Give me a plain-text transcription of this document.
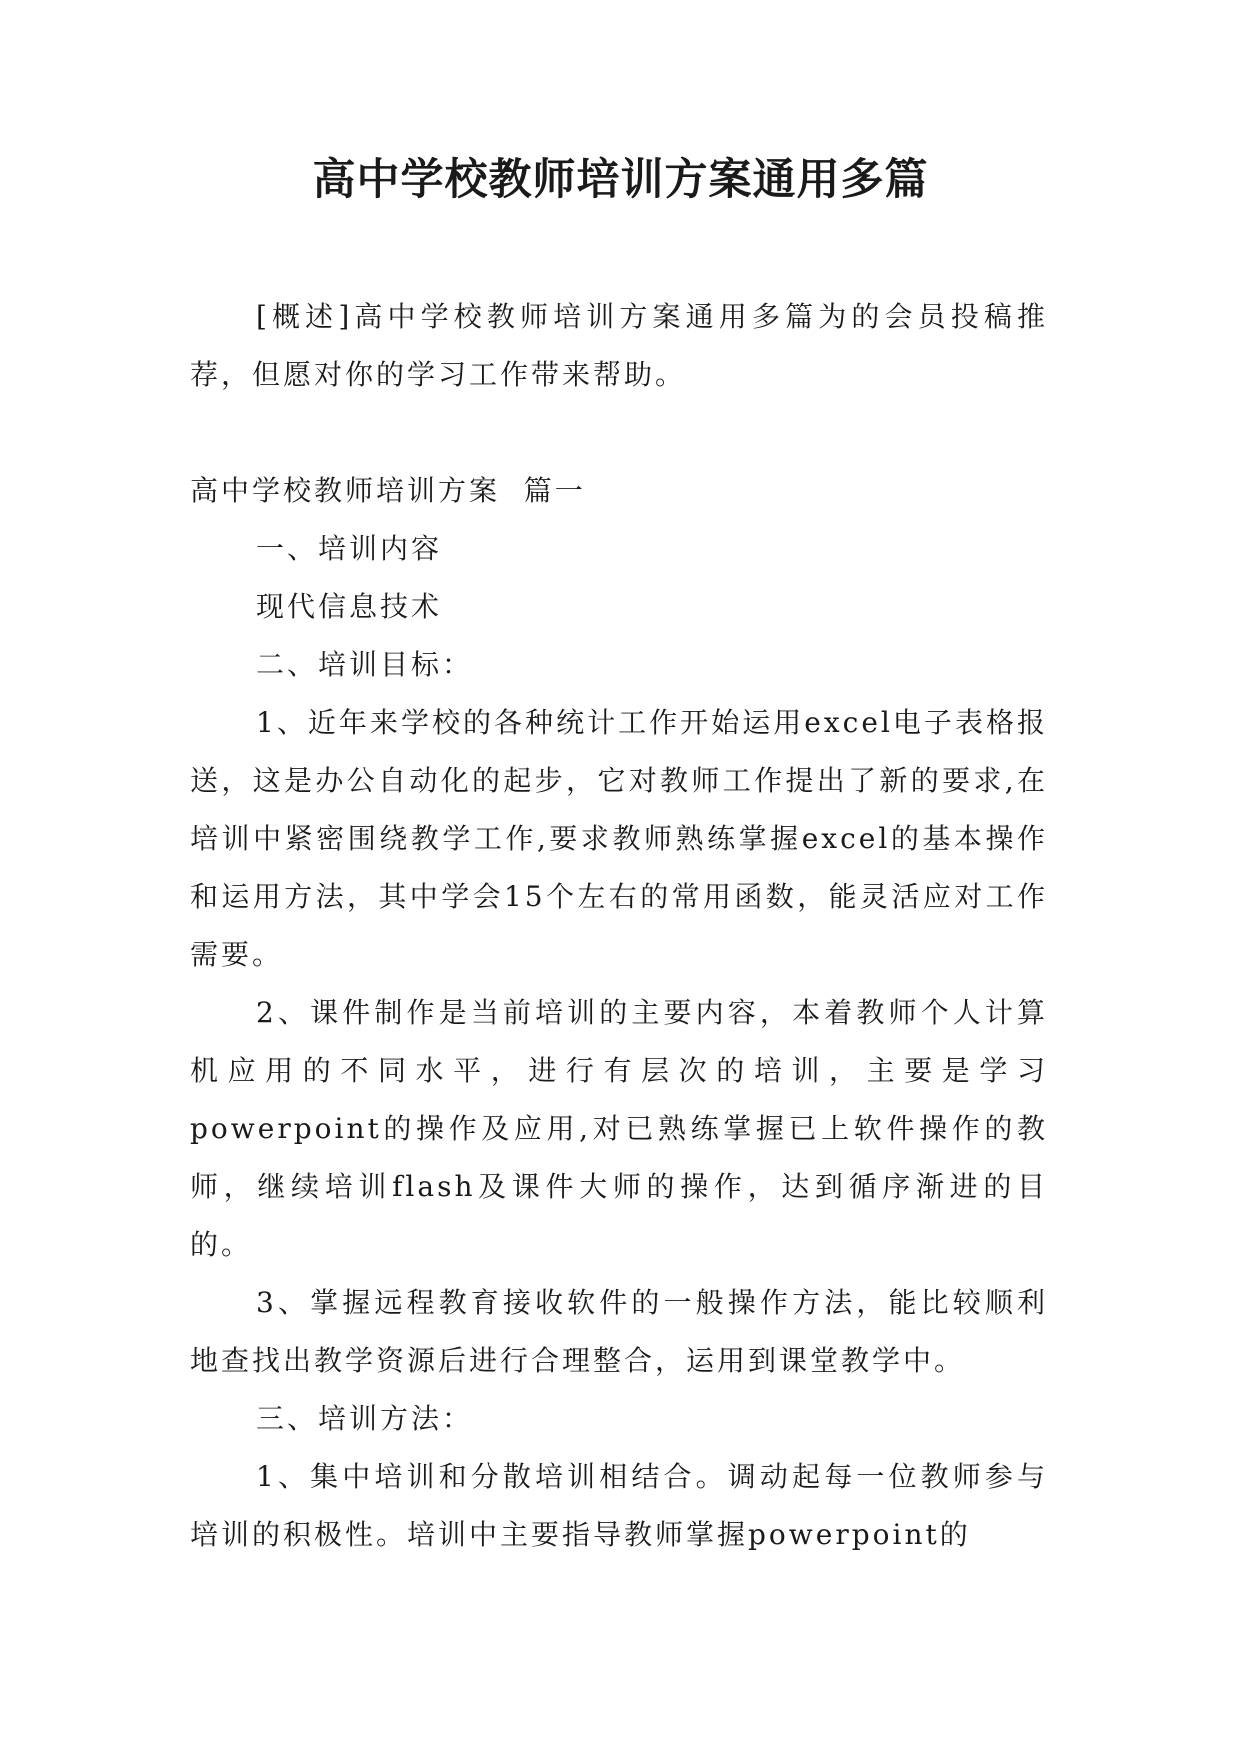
高中学校教师培训方案通用多篇

[概述]高中学校教师培训方案通用多篇为的会员投稿推荐，但愿对你的学习工作带来帮助。

高中学校教师培训方案  篇一

一、培训内容

现代信息技术

二、培训目标：

1、近年来学校的各种统计工作开始运用excel电子表格报送，这是办公自动化的起步，它对教师工作提出了新的要求,在培训中紧密围绕教学工作,要求教师熟练掌握excel的基本操作和运用方法，其中学会15个左右的常用函数，能灵活应对工作需要。

2、课件制作是当前培训的主要内容，本着教师个人计算机应用的不同水平，进行有层次的培训，主要是学习powerpoint的操作及应用,对已熟练掌握已上软件操作的教师，继续培训flash及课件大师的操作，达到循序渐进的目的。

3、掌握远程教育接收软件的一般操作方法，能比较顺利地查找出教学资源后进行合理整合，运用到课堂教学中。

三、培训方法：

1、集中培训和分散培训相结合。调动起每一位教师参与培训的积极性。培训中主要指导教师掌握powerpoint的
